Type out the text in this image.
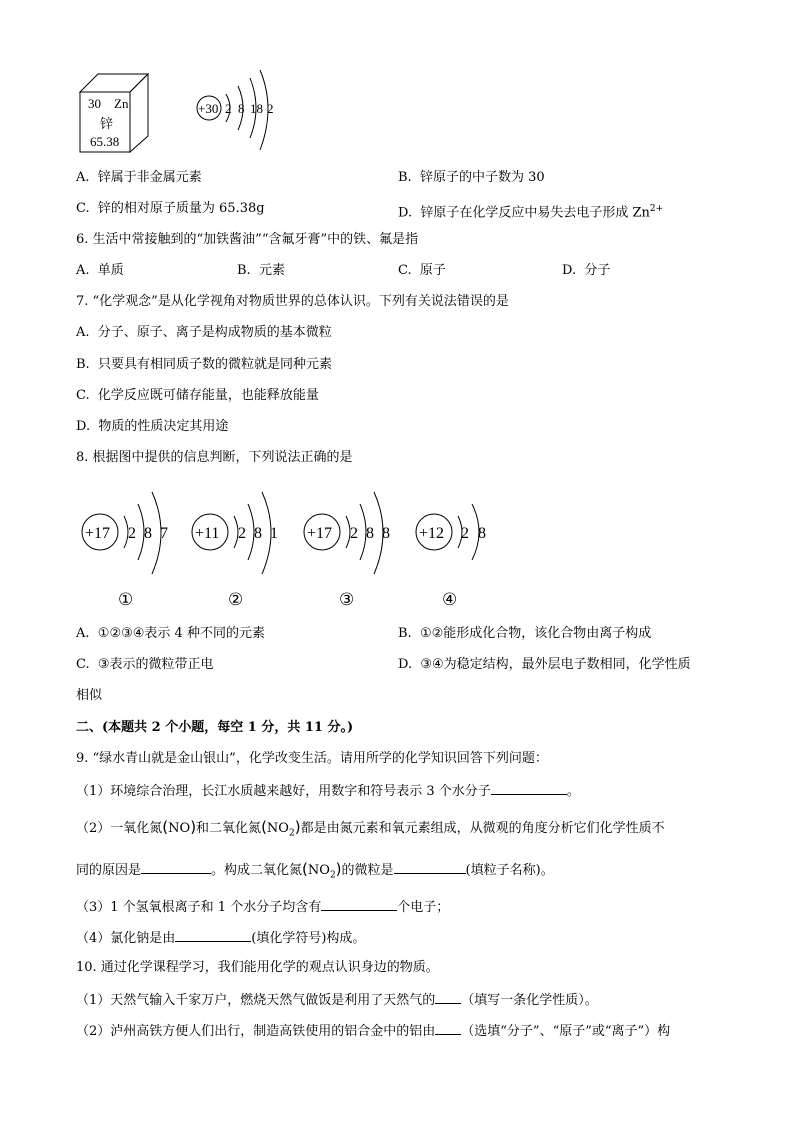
30 Zn
锌
65.38
+30 2 8 18 2
A. 锌属于非金属元素	B. 锌原子的中子数为 30
C. 锌的相对原子质量为 65.38g	D. 锌原子在化学反应中易失去电子形成 $Zn^{2+}$
6. 生活中常接触到的“加铁酱油”“含氟牙膏”中的铁、氟是指
A. 单质	B. 元素	C. 原子	D. 分子
7. “化学观念”是从化学视角对物质世界的总体认识。下列有关说法错误的是
A. 分子、原子、离子是构成物质的基本微粒
B. 只要具有相同质子数的微粒就是同种元素
C. 化学反应既可储存能量，也能释放能量
D. 物质的性质决定其用途
8. 根据图中提供的信息判断，下列说法正确的是
+17 2 8 7 +11 2 8 1 +17 2 8 8 +12 2 8
①	②	③	④
A. ①②③④表示 4 种不同的元素	B. ①②能形成化合物，该化合物由离子构成
C. ③表示的微粒带正电	D. ③④为稳定结构，最外层电子数相同，化学性质
相似
二、(本题共 2 个小题，每空 1 分，共 11 分。)
9. “绿水青山就是金山银山”，化学改变生活。请用所学的化学知识回答下列问题：
（1）环境综合治理，长江水质越来越好，用数字和符号表示 3 个水分子	。
（2）一氧化氮(NO)和二氧化氮$(NO_2)$都是由氮元素和氧元素组成，从微观的角度分析它们化学性质不
同的原因是	。构成二氧化氮$(NO_2)$的微粒是	(填粒子名称)。
（3）1 个氢氧根离子和 1 个水分子均含有	个电子；
（4）氯化钠是由	(填化学符号)构成。
10. 通过化学课程学习，我们能用化学的观点认识身边的物质。
（1）天然气输入千家万户，燃烧天然气做饭是利用了天然气的 （填写一条化学性质）。
（2）泸州高铁方便人们出行，制造高铁使用的铝合金中的铝由 （选填“分子”、“原子”或“离子”）构
